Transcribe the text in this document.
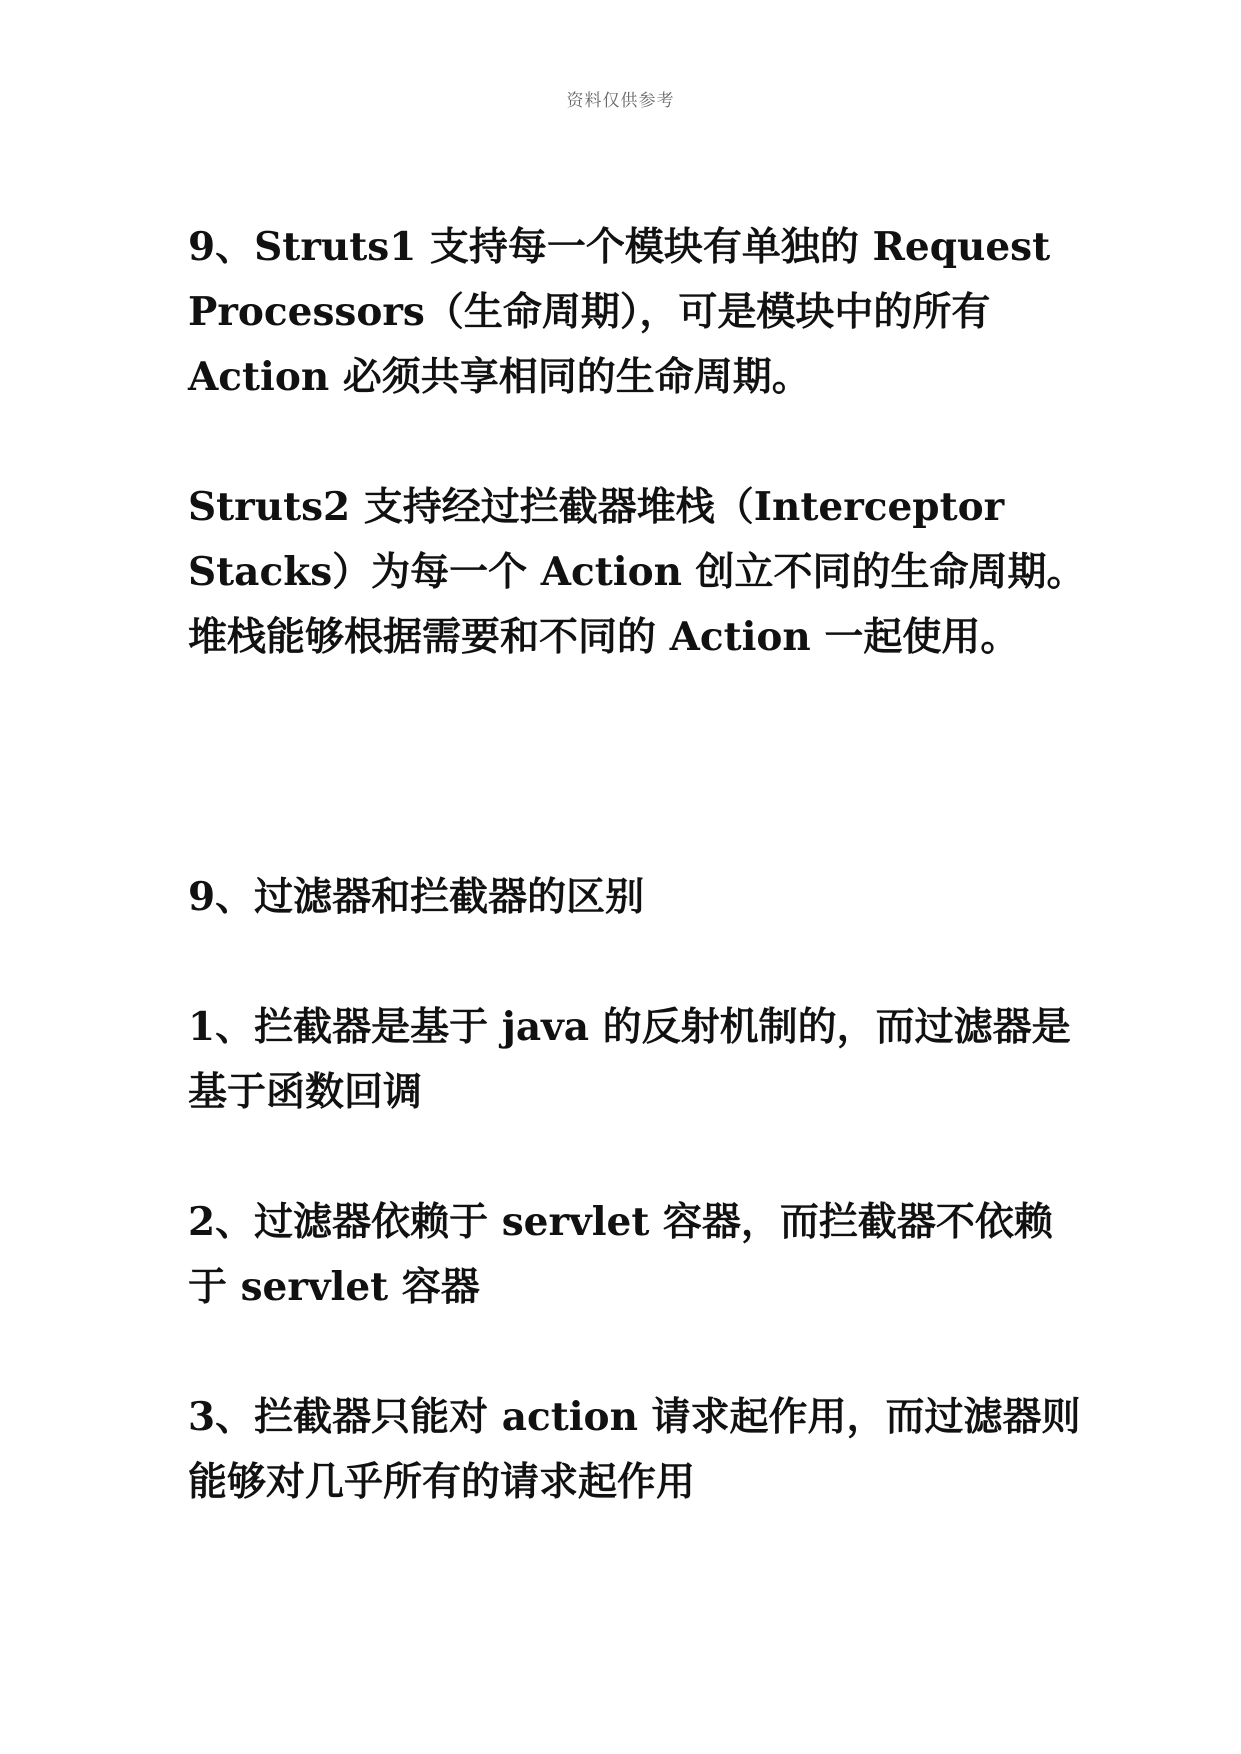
资料仅供参考

9、Struts1 支持每一个模块有单独的 Request Processors（生命周期），可是模块中的所有 Action 必须共享相同的生命周期。

Struts2 支持经过拦截器堆栈（Interceptor Stacks）为每一个 Action 创立不同的生命周期。堆栈能够根据需要和不同的 Action 一起使用。

9、过滤器和拦截器的区别

1、拦截器是基于 java 的反射机制的，而过滤器是基于函数回调

2、过滤器依赖于 servlet 容器，而拦截器不依赖于 servlet 容器

3、拦截器只能对 action 请求起作用，而过滤器则能够对几乎所有的请求起作用
